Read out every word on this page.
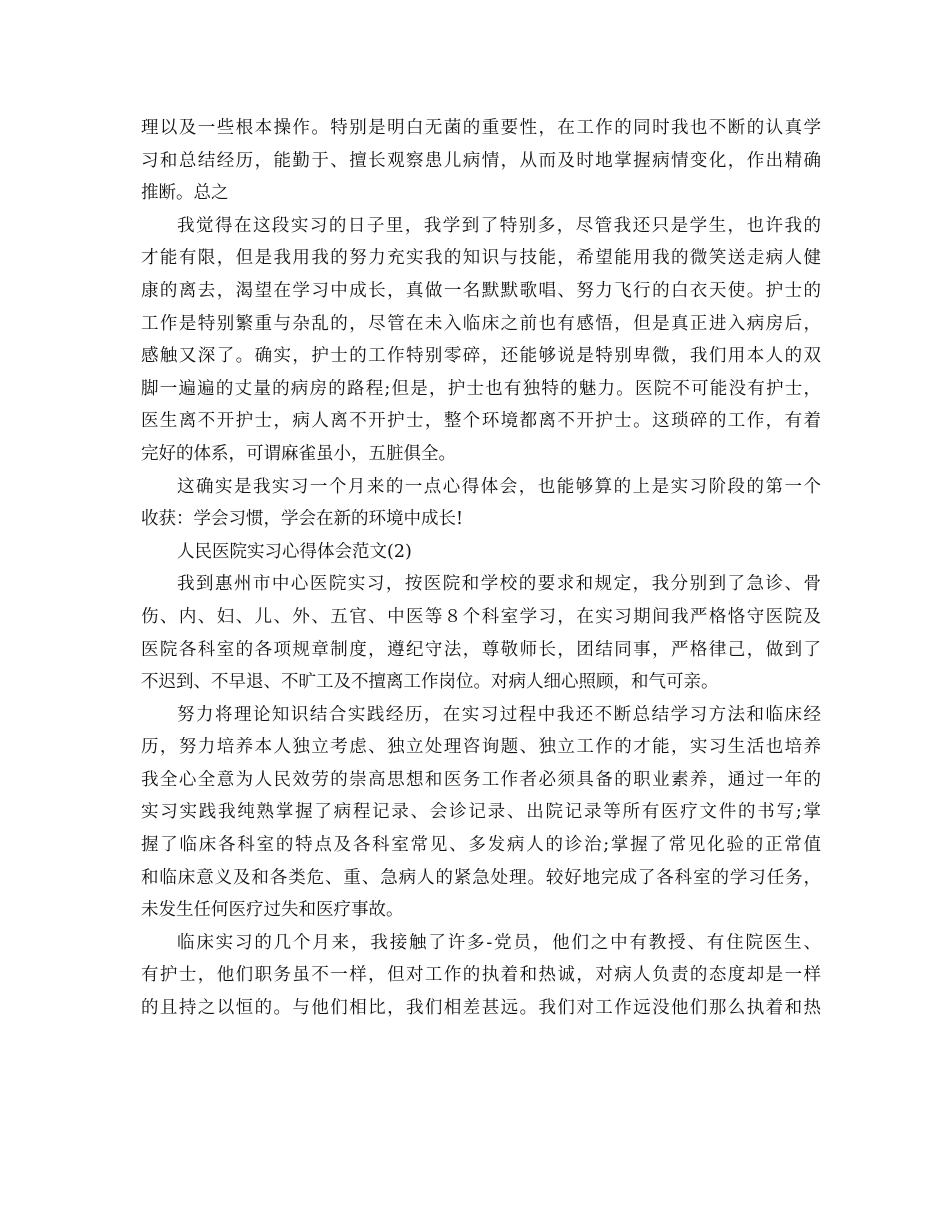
理以及一些根本操作。特别是明白无菌的重要性，在工作的同时我也不断的认真学
习和总结经历，能勤于、擅长观察患儿病情，从而及时地掌握病情变化，作出精确
推断。总之
我觉得在这段实习的日子里，我学到了特别多，尽管我还只是学生，也许我的
才能有限，但是我用我的努力充实我的知识与技能，希望能用我的微笑送走病人健
康的离去，渴望在学习中成长，真做一名默默歌唱、努力飞行的白衣天使。护士的
工作是特别繁重与杂乱的，尽管在未入临床之前也有感悟，但是真正进入病房后，
感触又深了。确实，护士的工作特别零碎，还能够说是特别卑微，我们用本人的双
脚一遍遍的丈量的病房的路程;但是，护士也有独特的魅力。医院不可能没有护士，
医生离不开护士，病人离不开护士，整个环境都离不开护士。这琐碎的工作，有着
完好的体系，可谓麻雀虽小，五脏俱全。
这确实是我实习一个月来的一点心得体会，也能够算的上是实习阶段的第一个
收获：学会习惯，学会在新的环境中成长!
人民医院实习心得体会范文(2)
我到惠州市中心医院实习，按医院和学校的要求和规定，我分别到了急诊、骨
伤、内、妇、儿、外、五官、中医等８个科室学习，在实习期间我严格恪守医院及
医院各科室的各项规章制度，遵纪守法，尊敬师长，团结同事，严格律己，做到了
不迟到、不早退、不旷工及不擅离工作岗位。对病人细心照顾，和气可亲。
努力将理论知识结合实践经历，在实习过程中我还不断总结学习方法和临床经
历，努力培养本人独立考虑、独立处理咨询题、独立工作的才能，实习生活也培养
我全心全意为人民效劳的崇高思想和医务工作者必须具备的职业素养，通过一年的
实习实践我纯熟掌握了病程记录、会诊记录、出院记录等所有医疗文件的书写;掌
握了临床各科室的特点及各科室常见、多发病人的诊治;掌握了常见化验的正常值
和临床意义及和各类危、重、急病人的紧急处理。较好地完成了各科室的学习任务，
未发生任何医疗过失和医疗事故。
临床实习的几个月来，我接触了许多-党员，他们之中有教授、有住院医生、
有护士，他们职务虽不一样，但对工作的执着和热诚，对病人负责的态度却是一样
的且持之以恒的。与他们相比，我们相差甚远。我们对工作远没他们那么执着和热
